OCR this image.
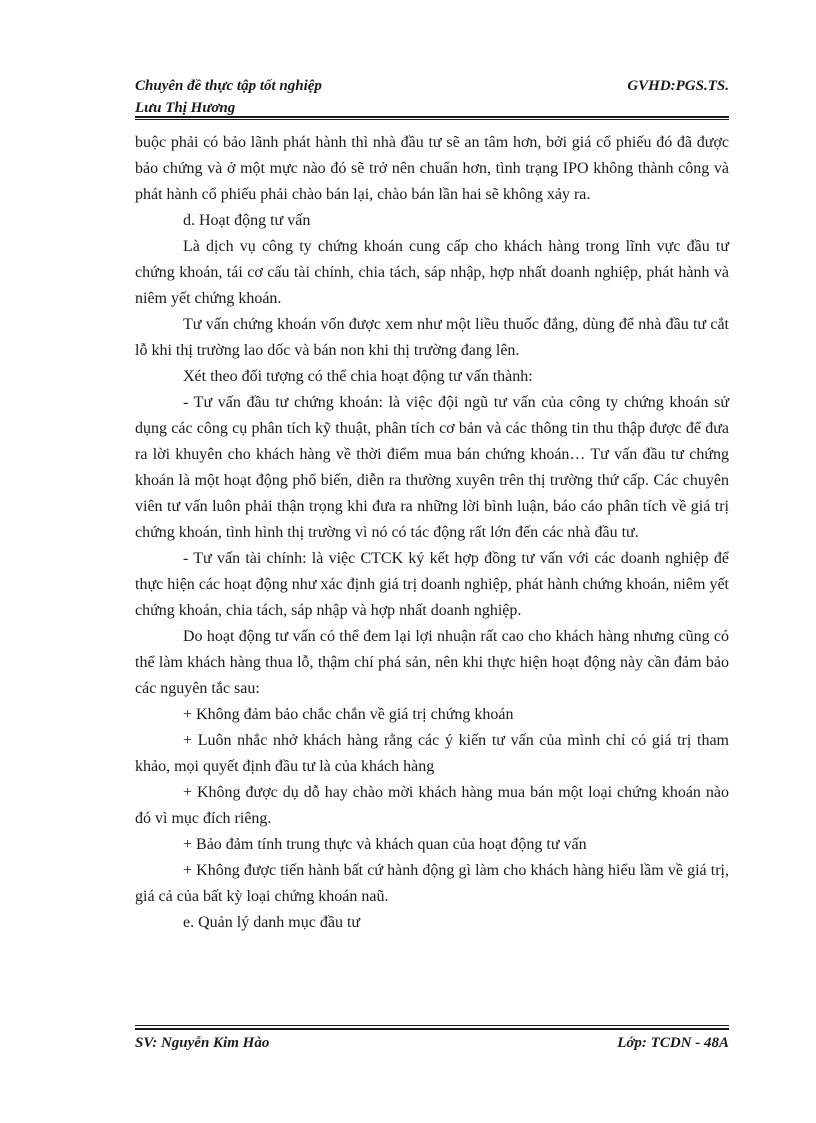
Chuyên đề thực tập tốt nghiệp	GVHD:PGS.TS.
Lưu Thị Hương

buộc phải có bảo lãnh phát hành thì nhà đầu tư sẽ an tâm hơn, bởi giá cổ phiếu đó đã được bảo chứng và ở một mực nào đó sẽ trở nên chuẩn hơn, tình trạng IPO không thành công và phát hành cổ phiếu phải chào bán lại, chào bán lần hai sẽ không xảy ra.

d. Hoạt động tư vấn

Là dịch vụ công ty chứng khoán cung cấp cho khách hàng trong lĩnh vực đầu tư chứng khoán, tái cơ cấu tài chính, chia tách, sáp nhập, hợp nhất doanh nghiệp, phát hành và niêm yết chứng khoán.

Tư vấn chứng khoán vốn được xem như một liều thuốc đắng, dùng để nhà đầu tư cắt lỗ khi thị trường lao dốc và bán non khi thị trường đang lên.

Xét theo đối tượng có thể chia hoạt động tư vấn thành:

- Tư vấn đầu tư chứng khoán: là việc đội ngũ tư vấn của công ty chứng khoán sử dụng các công cụ phân tích kỹ thuật, phân tích cơ bản và các thông tin thu thập được để đưa ra lời khuyên cho khách hàng về thời điểm mua bán chứng khoán… Tư vấn đầu tư chứng khoán là một hoạt động phổ biến, diễn ra thường xuyên trên thị trường thứ cấp. Các chuyên viên tư vấn luôn phải thận trọng khi đưa ra những lời bình luận, báo cáo phân tích về giá trị chứng khoán, tình hình thị trường vì nó có tác động rất lớn đến các nhà đầu tư.

- Tư vấn tài chính: là việc CTCK ký kết hợp đồng tư vấn với các doanh nghiệp để thực hiện các hoạt động như xác định giá trị doanh nghiệp, phát hành chứng khoán, niêm yết chứng khoán, chia tách, sáp nhập và hợp nhất doanh nghiệp.

Do hoạt động tư vấn có thể đem lại lợi nhuận rất cao cho khách hàng nhưng cũng có thể làm khách hàng thua lỗ, thậm chí phá sản, nên khi thực hiện hoạt động này cần đảm bảo các nguyên tắc sau:

+ Không đảm bảo chắc chắn về giá trị chứng khoán

+ Luôn nhắc nhở khách hàng rằng các ý kiến tư vấn của mình chỉ có giá trị tham khảo, mọi quyết định đầu tư là của khách hàng

+ Không được dụ dỗ hay chào mời khách hàng mua bán một loại chứng khoán nào đó vì mục đích riêng.

+ Bảo đảm tính trung thực và khách quan của hoạt động tư vấn

+ Không được tiến hành bất cứ hành động gì làm cho khách hàng hiểu lầm về giá trị, giá cả của bất kỳ loại chứng khoán naũ.

e. Quản lý danh mục đầu tư

SV: Nguyễn Kim Hào	Lớp: TCDN - 48A
